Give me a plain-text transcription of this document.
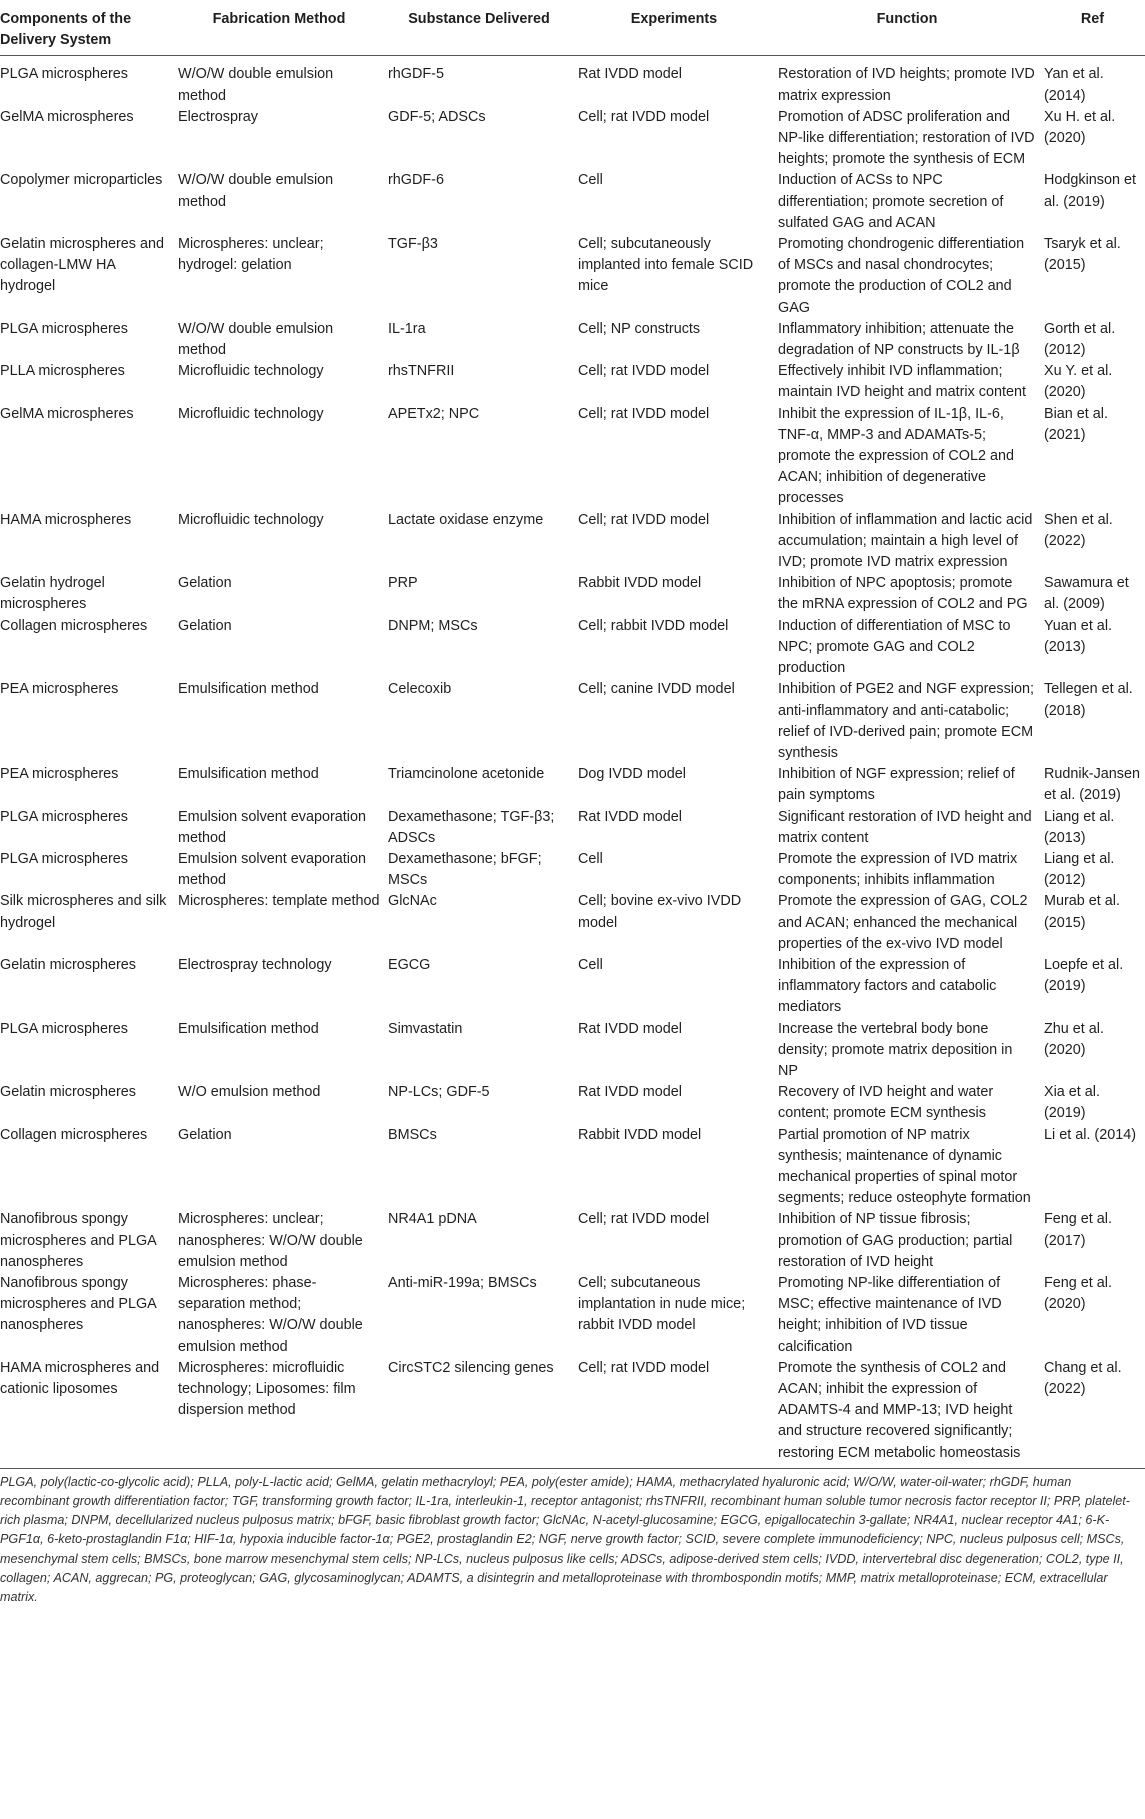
Components of the Delivery System	Fabrication Method	Substance Delivered	Experiments	Function	Ref
PLGA microspheres	W/O/W double emulsion method	rhGDF-5	Rat IVDD model	Restoration of IVD heights; promote IVD matrix expression	Yan et al. (2014)
GelMA microspheres	Electrospray	GDF-5; ADSCs	Cell; rat IVDD model	Promotion of ADSC proliferation and NP-like differentiation; restoration of IVD heights; promote the synthesis of ECM	Xu H. et al. (2020)
Copolymer microparticles	W/O/W double emulsion method	rhGDF-6	Cell	Induction of ACSs to NPC differentiation; promote secretion of sulfated GAG and ACAN	Hodgkinson et al. (2019)
Gelatin microspheres and collagen-LMW HA hydrogel	Microspheres: unclear; hydrogel: gelation	TGF-β3	Cell; subcutaneously implanted into female SCID mice	Promoting chondrogenic differentiation of MSCs and nasal chondrocytes; promote the production of COL2 and GAG	Tsaryk et al. (2015)
PLGA microspheres	W/O/W double emulsion method	IL-1ra	Cell; NP constructs	Inflammatory inhibition; attenuate the degradation of NP constructs by IL-1β	Gorth et al. (2012)
PLLA microspheres	Microfluidic technology	rhsTNFRII	Cell; rat IVDD model	Effectively inhibit IVD inflammation; maintain IVD height and matrix content	Xu Y. et al. (2020)
GelMA microspheres	Microfluidic technology	APETx2; NPC	Cell; rat IVDD model	Inhibit the expression of IL-1β, IL-6, TNF-α, MMP-3 and ADAMATs-5; promote the expression of COL2 and ACAN; inhibition of degenerative processes	Bian et al. (2021)
HAMA microspheres	Microfluidic technology	Lactate oxidase enzyme	Cell; rat IVDD model	Inhibition of inflammation and lactic acid accumulation; maintain a high level of IVD; promote IVD matrix expression	Shen et al. (2022)
Gelatin hydrogel microspheres	Gelation	PRP	Rabbit IVDD model	Inhibition of NPC apoptosis; promote the mRNA expression of COL2 and PG	Sawamura et al. (2009)
Collagen microspheres	Gelation	DNPM; MSCs	Cell; rabbit IVDD model	Induction of differentiation of MSC to NPC; promote GAG and COL2 production	Yuan et al. (2013)
PEA microspheres	Emulsification method	Celecoxib	Cell; canine IVDD model	Inhibition of PGE2 and NGF expression; anti-inflammatory and anti-catabolic; relief of IVD-derived pain; promote ECM synthesis	Tellegen et al. (2018)
PEA microspheres	Emulsification method	Triamcinolone acetonide	Dog IVDD model	Inhibition of NGF expression; relief of pain symptoms	Rudnik-Jansen et al. (2019)
PLGA microspheres	Emulsion solvent evaporation method	Dexamethasone; TGF-β3; ADSCs	Rat IVDD model	Significant restoration of IVD height and matrix content	Liang et al. (2013)
PLGA microspheres	Emulsion solvent evaporation method	Dexamethasone; bFGF; MSCs	Cell	Promote the expression of IVD matrix components; inhibits inflammation	Liang et al. (2012)
Silk microspheres and silk hydrogel	Microspheres: template method	GlcNAc	Cell; bovine ex-vivo IVDD model	Promote the expression of GAG, COL2 and ACAN; enhanced the mechanical properties of the ex-vivo IVD model	Murab et al. (2015)
Gelatin microspheres	Electrospray technology	EGCG	Cell	Inhibition of the expression of inflammatory factors and catabolic mediators	Loepfe et al. (2019)
PLGA microspheres	Emulsification method	Simvastatin	Rat IVDD model	Increase the vertebral body bone density; promote matrix deposition in NP	Zhu et al. (2020)
Gelatin microspheres	W/O emulsion method	NP-LCs; GDF-5	Rat IVDD model	Recovery of IVD height and water content; promote ECM synthesis	Xia et al. (2019)
Collagen microspheres	Gelation	BMSCs	Rabbit IVDD model	Partial promotion of NP matrix synthesis; maintenance of dynamic mechanical properties of spinal motor segments; reduce osteophyte formation	Li et al. (2014)
Nanofibrous spongy microspheres and PLGA nanospheres	Microspheres: unclear; nanospheres: W/O/W double emulsion method	NR4A1 pDNA	Cell; rat IVDD model	Inhibition of NP tissue fibrosis; promotion of GAG production; partial restoration of IVD height	Feng et al. (2017)
Nanofibrous spongy microspheres and PLGA nanospheres	Microspheres: phase-separation method; nanospheres: W/O/W double emulsion method	Anti-miR-199a; BMSCs	Cell; subcutaneous implantation in nude mice; rabbit IVDD model	Promoting NP-like differentiation of MSC; effective maintenance of IVD height; inhibition of IVD tissue calcification	Feng et al. (2020)
HAMA microspheres and cationic liposomes	Microspheres: microfluidic technology; Liposomes: film dispersion method	CircSTC2 silencing genes	Cell; rat IVDD model	Promote the synthesis of COL2 and ACAN; inhibit the expression of ADAMTS-4 and MMP-13; IVD height and structure recovered significantly; restoring ECM metabolic homeostasis	Chang et al. (2022)

PLGA, poly(lactic-co-glycolic acid); PLLA, poly-L-lactic acid; GelMA, gelatin methacryloyl; PEA, poly(ester amide); HAMA, methacrylated hyaluronic acid; W/O/W, water-oil-water; rhGDF, human recombinant growth differentiation factor; TGF, transforming growth factor; IL-1ra, interleukin-1, receptor antagonist; rhsTNFRII, recombinant human soluble tumor necrosis factor receptor II; PRP, platelet-rich plasma; DNPM, decellularized nucleus pulposus matrix; bFGF, basic fibroblast growth factor; GlcNAc, N-acetyl-glucosamine; EGCG, epigallocatechin 3-gallate; NR4A1, nuclear receptor 4A1; 6-K-PGF1α, 6-keto-prostaglandin F1α; HIF-1α, hypoxia inducible factor-1α; PGE2, prostaglandin E2; NGF, nerve growth factor; SCID, severe complete immunodeficiency; NPC, nucleus pulposus cell; MSCs, mesenchymal stem cells; BMSCs, bone marrow mesenchymal stem cells; NP-LCs, nucleus pulposus like cells; ADSCs, adipose-derived stem cells; IVDD, intervertebral disc degeneration; COL2, type II, collagen; ACAN, aggrecan; PG, proteoglycan; GAG, glycosaminoglycan; ADAMTS, a disintegrin and metalloproteinase with thrombospondin motifs; MMP, matrix metalloproteinase; ECM, extracellular matrix.
